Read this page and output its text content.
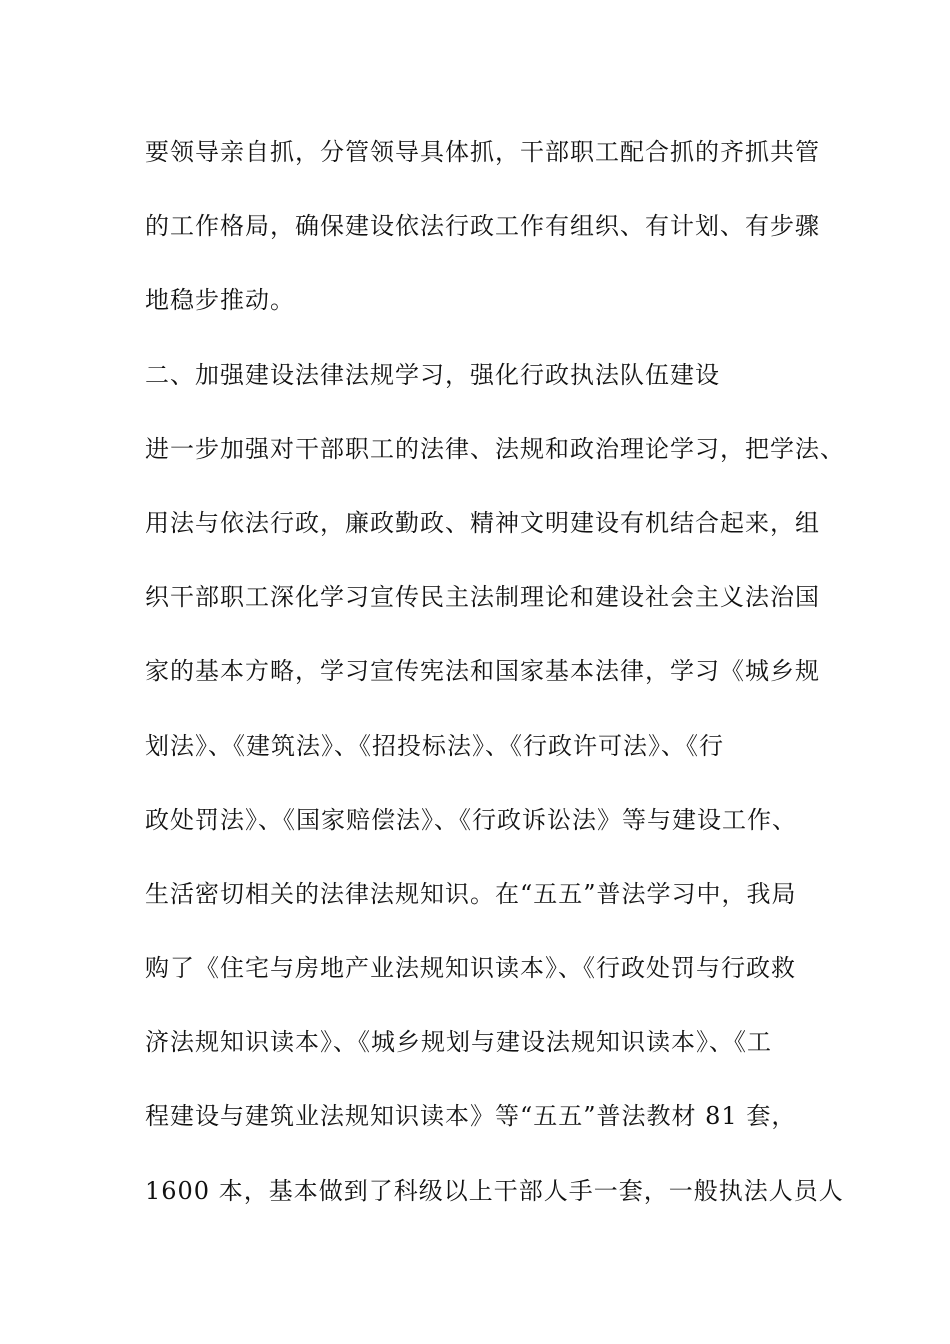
要领导亲自抓，分管领导具体抓，干部职工配合抓的齐抓共管
的工作格局，确保建设依法行政工作有组织、有计划、有步骤
地稳步推动。
二、加强建设法律法规学习，强化行政执法队伍建设
进一步加强对干部职工的法律、法规和政治理论学习，把学法、
用法与依法行政，廉政勤政、精神文明建设有机结合起来，组
织干部职工深化学习宣传民主法制理论和建设社会主义法治国
家的基本方略，学习宣传宪法和国家基本法律，学习《城乡规
划法》、《建筑法》、《招投标法》、《行政许可法》、《行
政处罚法》、《国家赔偿法》、《行政诉讼法》等与建设工作、
生活密切相关的法律法规知识。在“五五”普法学习中，我局
购了《住宅与房地产业法规知识读本》、《行政处罚与行政救
济法规知识读本》、《城乡规划与建设法规知识读本》、《工
程建设与建筑业法规知识读本》等“五五”普法教材 81 套，
1600 本，基本做到了科级以上干部人手一套，一般执法人员人
